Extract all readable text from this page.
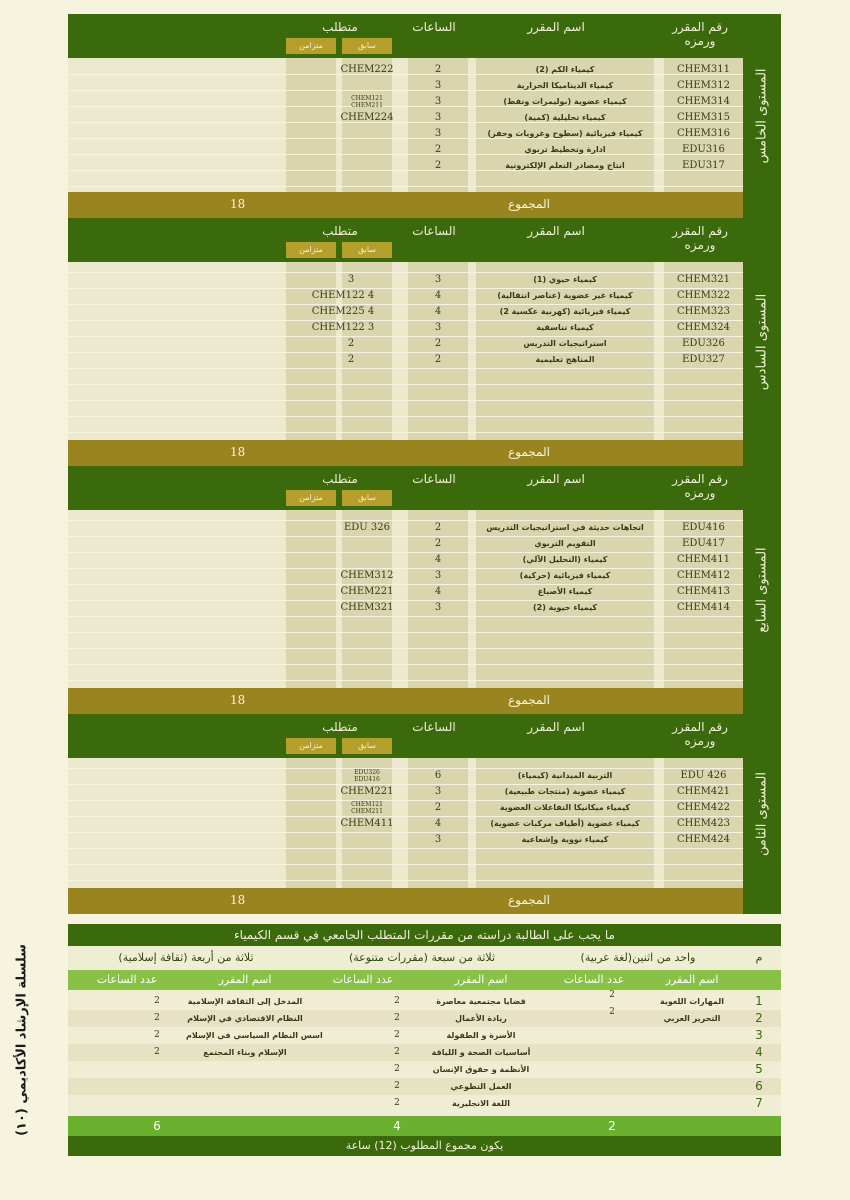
المستوى الخامس
رقم المقرر ورمزه
اسم المقرر
الساعات
متطلب
سابق
متزامن
CHEM311
كيمياء الكم (2)
2
CHEM222
CHEM312
كيمياء الديناميكا الحرارية
3
CHEM314
كيمياء عضوية (بوليمرات ونفط)
3
CHEM121 CHEM211
CHEM315
كيمياء تحليلية (كمية)
3
CHEM224
CHEM316
كيمياء فيزيائية (سطوح وغرويات وحفز)
3
EDU316
ادارة وتخطيط تربوي
2
EDU317
انتاج ومصادر التعلم الإلكترونية
2
المجموع
18
المستوى السادس
رقم المقرر ورمزه
اسم المقرر
الساعات
متطلب
سابق
متزامن
CHEM321
كيمياء حيوي (1)
3
3
CHEM322
كيمياء غير عضوية (عناصر انتقالية)
4
CHEM122 4
CHEM323
كيمياء فيزيائية (كهربية عكسية 2)
4
CHEM225 4
CHEM324
كيمياء تناسقية
3
CHEM122 3
EDU326
استراتيجيات التدريس
2
2
EDU327
المناهج تعليمية
2
2
المجموع
18
المستوى السابع
رقم المقرر ورمزه
اسم المقرر
الساعات
متطلب
سابق
متزامن
EDU416
اتجاهات حديثة في استراتيجيات التدريس
2
EDU 326
EDU417
التقويم التربوي
2
CHEM411
كيمياء (التحليل الآلي)
4
CHEM412
كيمياء فيزيائية (حركية)
3
CHEM312
CHEM413
كيمياء الأصباغ
4
CHEM221
CHEM414
كيمياء حيوية (2)
3
CHEM321
المجموع
18
المستوى الثامن
رقم المقرر ورمزه
اسم المقرر
الساعات
متطلب
سابق
متزامن
EDU 426
التربية الميدانية (كيمياء)
6
EDU326 EDU416
CHEM421
كيمياء عضوية (منتجات طبيعية)
3
CHEM221
CHEM422
كيمياء ميكانيكا التفاعلات العضوية
2
CHEM121 CHEM211
CHEM423
كيمياء عضوية (أطياف مركبات عضوية)
4
CHEM411
CHEM424
كيمياء نووية وإشعاعية
3
المجموع
18
ما يجب على الطالبة دراسته من مقررات المتطلب الجامعي في قسم الكيمياء
م
واحد من اثنين(لغة عربية)
ثلاثة من سبعة (مقررات متنوعة)
ثلاثة من أربعة (ثقافة إسلامية)
اسم المقرر
عدد الساعات
اسم المقرر
عدد الساعات
اسم المقرر
عدد الساعات
1
المهارات اللغوية
2
قضايا مجتمعية معاصرة
2
المدخل إلى الثقافة الإسلامية
2
2
التحرير العربي
2
ريادة الأعمال
2
النظام الاقتصادي في الإسلام
2
3
الأسرة و الطفولة
2
اسس النظام السياسي في الإسلام
2
4
أساسيات الصحة و اللياقة
2
الإسلام وبناء المجتمع
2
5
الأنظمة و حقوق الإنسان
2
6
العمل التطوعي
2
7
اللغة الانجليزية
2
2
4
6
يكون مجموع المطلوب (12) ساعة
سلسلة الإرشاد الأكاديمي (١٠)
